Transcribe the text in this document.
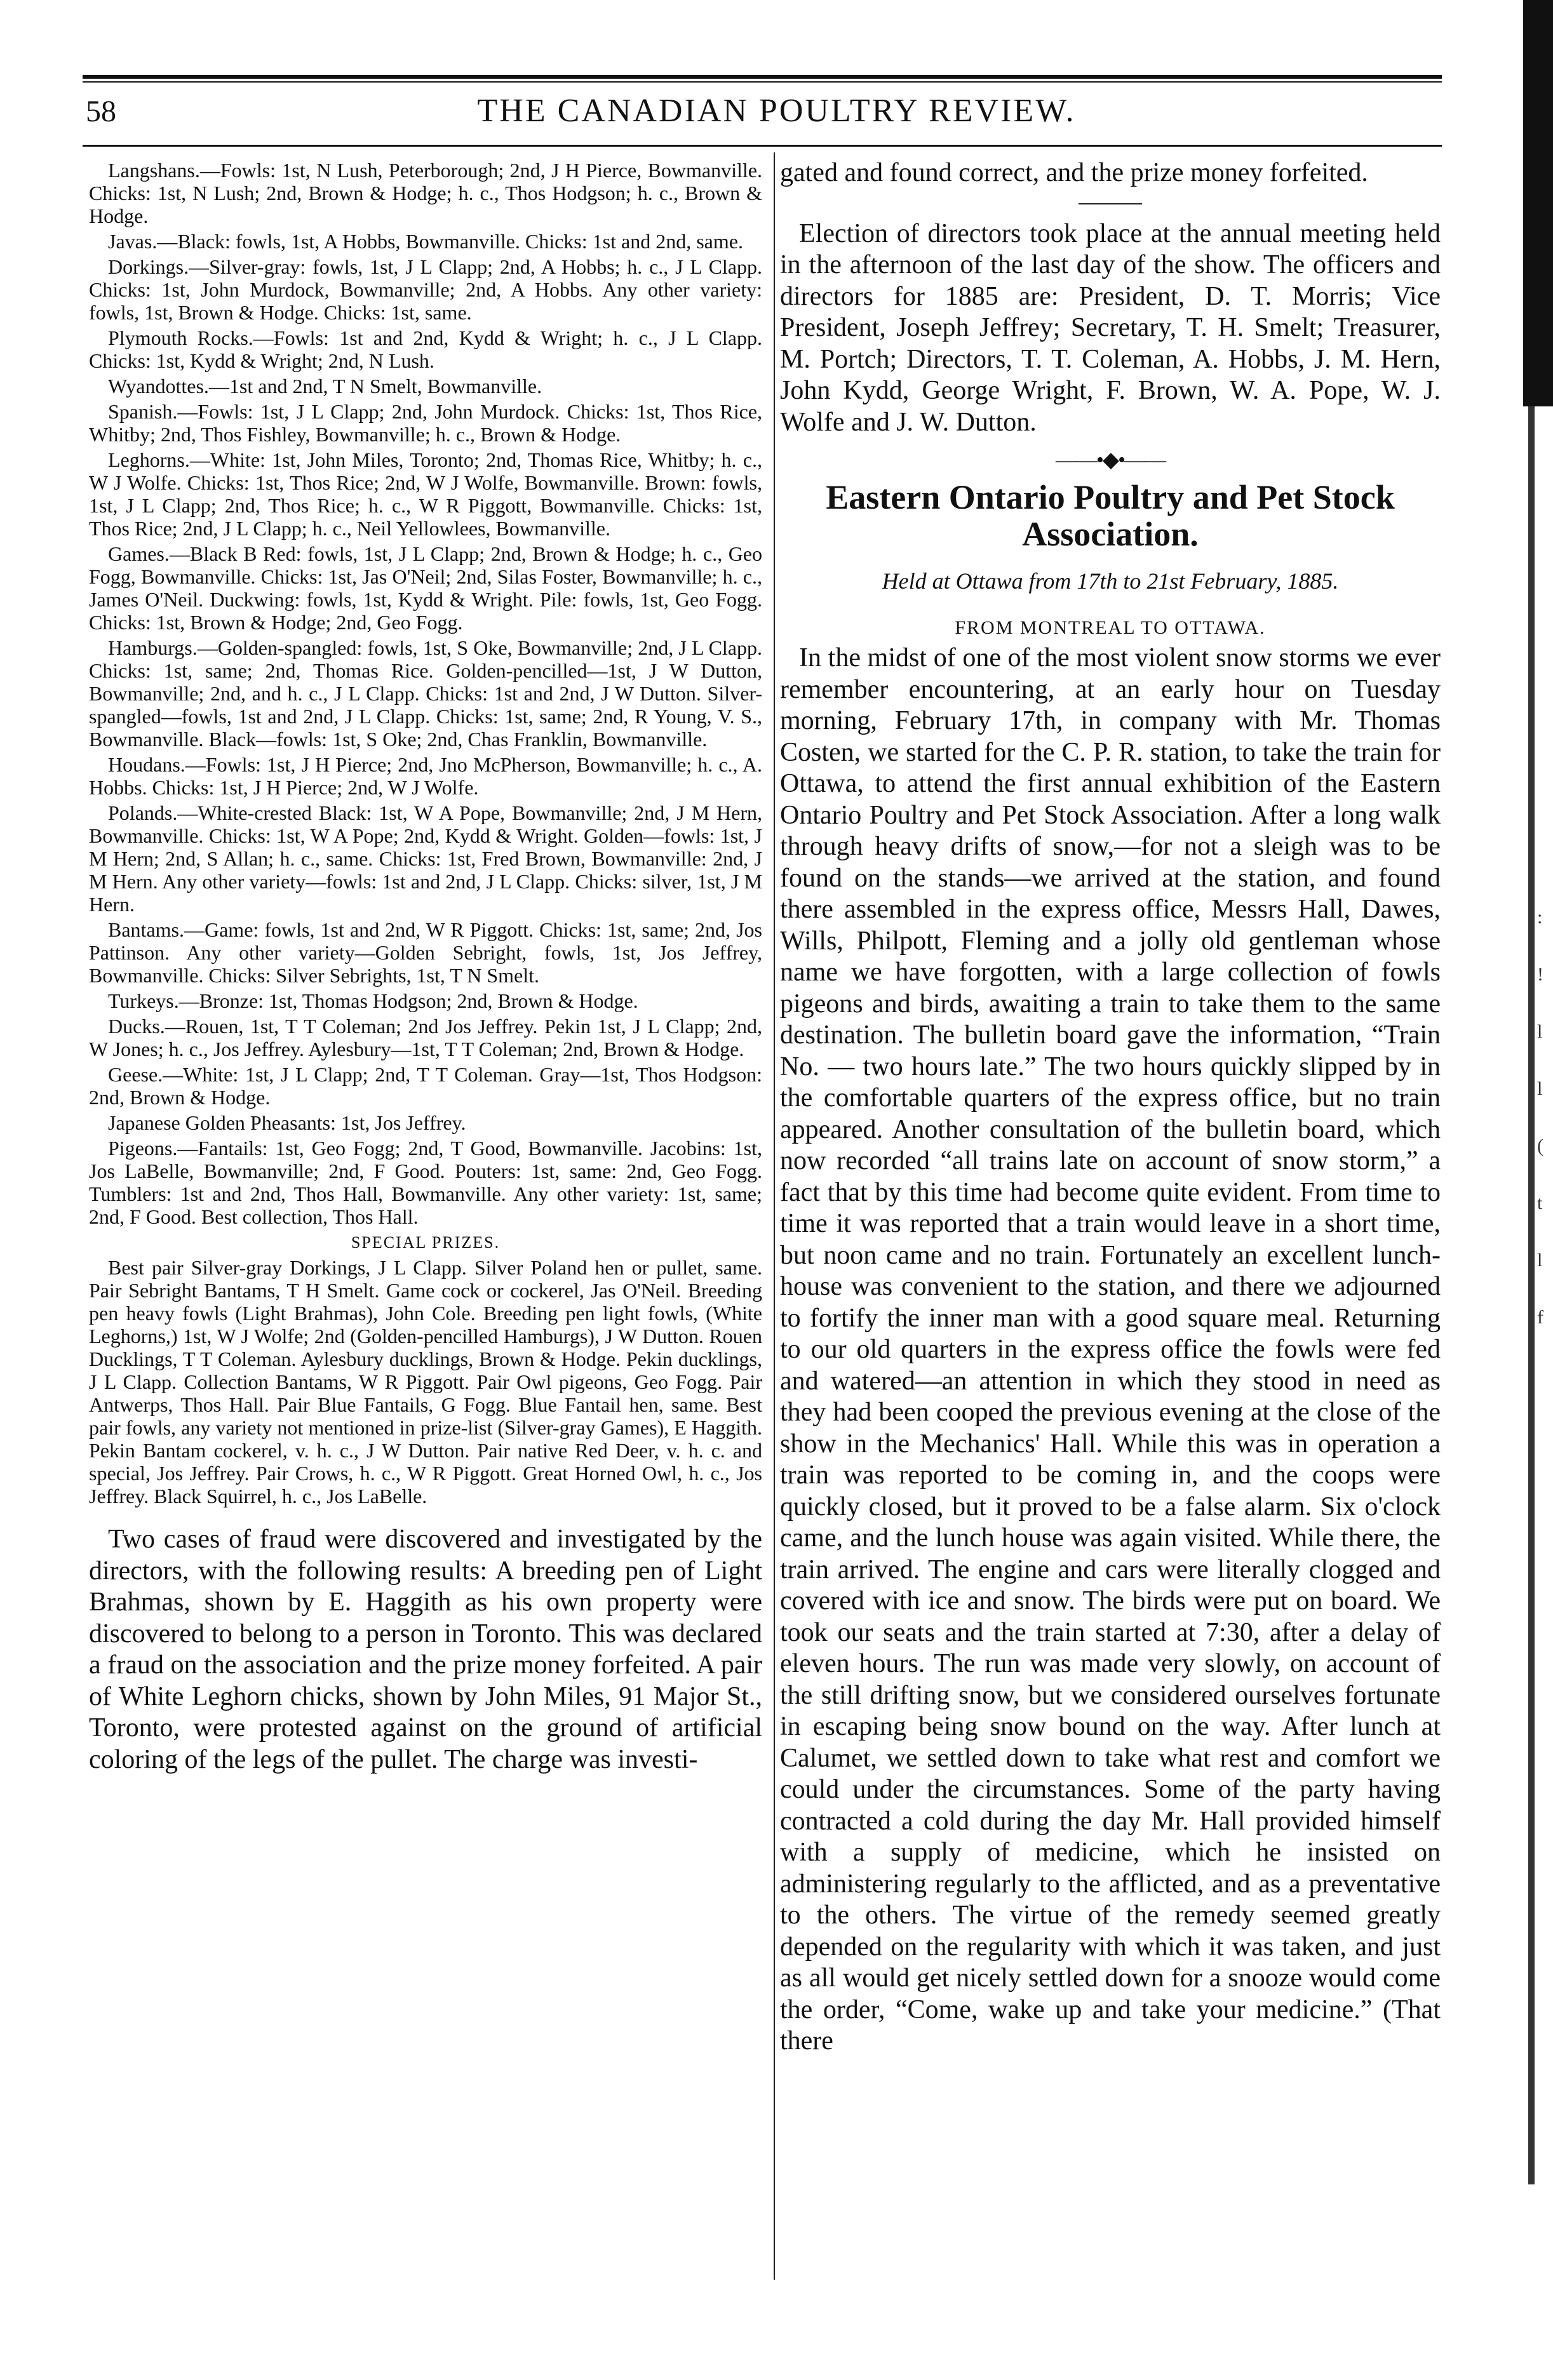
58	THE CANADIAN POULTRY REVIEW.

Langshans.—Fowls: 1st, N Lush, Peterborough; 2nd, J H Pierce, Bowmanville. Chicks: 1st, N Lush; 2nd, Brown & Hodge; h. c., Thos Hodgson; h. c., Brown & Hodge.

Javas.—Black: fowls, 1st, A Hobbs, Bowmanville. Chicks: 1st and 2nd, same.

Dorkings.—Silver-gray: fowls, 1st, J L Clapp; 2nd, A Hobbs; h. c., J L Clapp. Chicks: 1st, John Murdock, Bowmanville; 2nd, A Hobbs. Any other variety: fowls, 1st, Brown & Hodge. Chicks: 1st, same.

Plymouth Rocks.—Fowls: 1st and 2nd, Kydd & Wright; h. c., J L Clapp. Chicks: 1st, Kydd & Wright; 2nd, N Lush.

Wyandottes.—1st and 2nd, T N Smelt, Bowmanville.

Spanish.—Fowls: 1st, J L Clapp; 2nd, John Murdock. Chicks: 1st, Thos Rice, Whitby; 2nd, Thos Fishley, Bowmanville; h. c., Brown & Hodge.

Leghorns.—White: 1st, John Miles, Toronto; 2nd, Thomas Rice, Whitby; h. c., W J Wolfe. Chicks: 1st, Thos Rice; 2nd, W J Wolfe, Bowmanville. Brown: fowls, 1st, J L Clapp; 2nd, Thos Rice; h. c., W R Piggott, Bowmanville. Chicks: 1st, Thos Rice; 2nd, J L Clapp; h. c., Neil Yellowlees, Bowmanville.

Games.—Black B Red: fowls, 1st, J L Clapp; 2nd, Brown & Hodge; h. c., Geo Fogg, Bowmanville. Chicks: 1st, Jas O'Neil; 2nd, Silas Foster, Bowmanville; h. c., James O'Neil. Duckwing: fowls, 1st, Kydd & Wright. Pile: fowls, 1st, Geo Fogg. Chicks: 1st, Brown & Hodge; 2nd, Geo Fogg.

Hamburgs.—Golden-spangled: fowls, 1st, S Oke, Bowmanville; 2nd, J L Clapp. Chicks: 1st, same; 2nd, Thomas Rice. Golden-pencilled—1st, J W Dutton, Bowmanville; 2nd, and h. c., J L Clapp. Chicks: 1st and 2nd, J W Dutton. Silver-spangled—fowls, 1st and 2nd, J L Clapp. Chicks: 1st, same; 2nd, R Young, V. S., Bowmanville. Black—fowls: 1st, S Oke; 2nd, Chas Franklin, Bowmanville.

Houdans.—Fowls: 1st, J H Pierce; 2nd, Jno McPherson, Bowmanville; h. c., A. Hobbs. Chicks: 1st, J H Pierce; 2nd, W J Wolfe.

Polands.—White-crested Black: 1st, W A Pope, Bowmanville; 2nd, J M Hern, Bowmanville. Chicks: 1st, W A Pope; 2nd, Kydd & Wright. Golden—fowls: 1st, J M Hern; 2nd, S Allan; h. c., same. Chicks: 1st, Fred Brown, Bowmanville: 2nd, J M Hern. Any other variety—fowls: 1st and 2nd, J L Clapp. Chicks: silver, 1st, J M Hern.

Bantams.—Game: fowls, 1st and 2nd, W R Piggott. Chicks: 1st, same; 2nd, Jos Pattinson. Any other variety—Golden Sebright, fowls, 1st, Jos Jeffrey, Bowmanville. Chicks: Silver Sebrights, 1st, T N Smelt.

Turkeys.—Bronze: 1st, Thomas Hodgson; 2nd, Brown & Hodge.

Ducks.—Rouen, 1st, T T Coleman; 2nd Jos Jeffrey. Pekin 1st, J L Clapp; 2nd, W Jones; h. c., Jos Jeffrey. Aylesbury—1st, T T Coleman; 2nd, Brown & Hodge.

Geese.—White: 1st, J L Clapp; 2nd, T T Coleman. Gray—1st, Thos Hodgson: 2nd, Brown & Hodge.

Japanese Golden Pheasants: 1st, Jos Jeffrey.

Pigeons.—Fantails: 1st, Geo Fogg; 2nd, T Good, Bowmanville. Jacobins: 1st, Jos LaBelle, Bowmanville; 2nd, F Good. Pouters: 1st, same: 2nd, Geo Fogg. Tumblers: 1st and 2nd, Thos Hall, Bowmanville. Any other variety: 1st, same; 2nd, F Good. Best collection, Thos Hall.

SPECIAL PRIZES.

Best pair Silver-gray Dorkings, J L Clapp. Silver Poland hen or pullet, same. Pair Sebright Bantams, T H Smelt. Game cock or cockerel, Jas O'Neil. Breeding pen heavy fowls (Light Brahmas), John Cole. Breeding pen light fowls, (White Leghorns,) 1st, W J Wolfe; 2nd (Golden-pencilled Hamburgs), J W Dutton. Rouen Ducklings, T T Coleman. Aylesbury ducklings, Brown & Hodge. Pekin ducklings, J L Clapp. Collection Bantams, W R Piggott. Pair Owl pigeons, Geo Fogg. Pair Antwerps, Thos Hall. Pair Blue Fantails, G Fogg. Blue Fantail hen, same. Best pair fowls, any variety not mentioned in prize-list (Silver-gray Games), E Haggith. Pekin Bantam cockerel, v. h. c., J W Dutton. Pair native Red Deer, v. h. c. and special, Jos Jeffrey. Pair Crows, h. c., W R Piggott. Great Horned Owl, h. c., Jos Jeffrey. Black Squirrel, h. c., Jos LaBelle.

Two cases of fraud were discovered and investigated by the directors, with the following results: A breeding pen of Light Brahmas, shown by E. Haggith as his own property were discovered to belong to a person in Toronto. This was declared a fraud on the association and the prize money forfeited. A pair of White Leghorn chicks, shown by John Miles, 91 Major St., Toronto, were protested against on the ground of artificial coloring of the legs of the pullet. The charge was investi-

gated and found correct, and the prize money forfeited.

Election of directors took place at the annual meeting held in the afternoon of the last day of the show. The officers and directors for 1885 are: President, D. T. Morris; Vice President, Joseph Jeffrey; Secretary, T. H. Smelt; Treasurer, M. Portch; Directors, T. T. Coleman, A. Hobbs, J. M. Hern, John Kydd, George Wright, F. Brown, W. A. Pope, W. J. Wolfe and J. W. Dutton.

——•◆•——
Eastern Ontario Poultry and Pet Stock Association.
Held at Ottawa from 17th to 21st February, 1885.
FROM MONTREAL TO OTTAWA.

In the midst of one of the most violent snow storms we ever remember encountering, at an early hour on Tuesday morning, February 17th, in company with Mr. Thomas Costen, we started for the C. P. R. station, to take the train for Ottawa, to attend the first annual exhibition of the Eastern Ontario Poultry and Pet Stock Association. After a long walk through heavy drifts of snow,—for not a sleigh was to be found on the stands—we arrived at the station, and found there assembled in the express office, Messrs Hall, Dawes, Wills, Philpott, Fleming and a jolly old gentleman whose name we have forgotten, with a large collection of fowls pigeons and birds, awaiting a train to take them to the same destination. The bulletin board gave the information, “Train No. — two hours late.” The two hours quickly slipped by in the comfortable quarters of the express office, but no train appeared. Another consultation of the bulletin board, which now recorded “all trains late on account of snow storm,” a fact that by this time had become quite evident. From time to time it was reported that a train would leave in a short time, but noon came and no train. Fortunately an excellent lunch-house was convenient to the station, and there we adjourned to fortify the inner man with a good square meal. Returning to our old quarters in the express office the fowls were fed and watered—an attention in which they stood in need as they had been cooped the previous evening at the close of the show in the Mechanics' Hall. While this was in operation a train was reported to be coming in, and the coops were quickly closed, but it proved to be a false alarm. Six o'clock came, and the lunch house was again visited. While there, the train arrived. The engine and cars were literally clogged and covered with ice and snow. The birds were put on board. We took our seats and the train started at 7:30, after a delay of eleven hours. The run was made very slowly, on account of the still drifting snow, but we considered ourselves fortunate in escaping being snow bound on the way. After lunch at Calumet, we settled down to take what rest and comfort we could under the circumstances. Some of the party having contracted a cold during the day Mr. Hall provided himself with a supply of medicine, which he insisted on administering regularly to the afflicted, and as a preventative to the others. The virtue of the remedy seemed greatly depended on the regularity with which it was taken, and just as all would get nicely settled down for a snooze would come the order, “Come, wake up and take your medicine.” (That there

:
!
l
l
(
t
l
f
